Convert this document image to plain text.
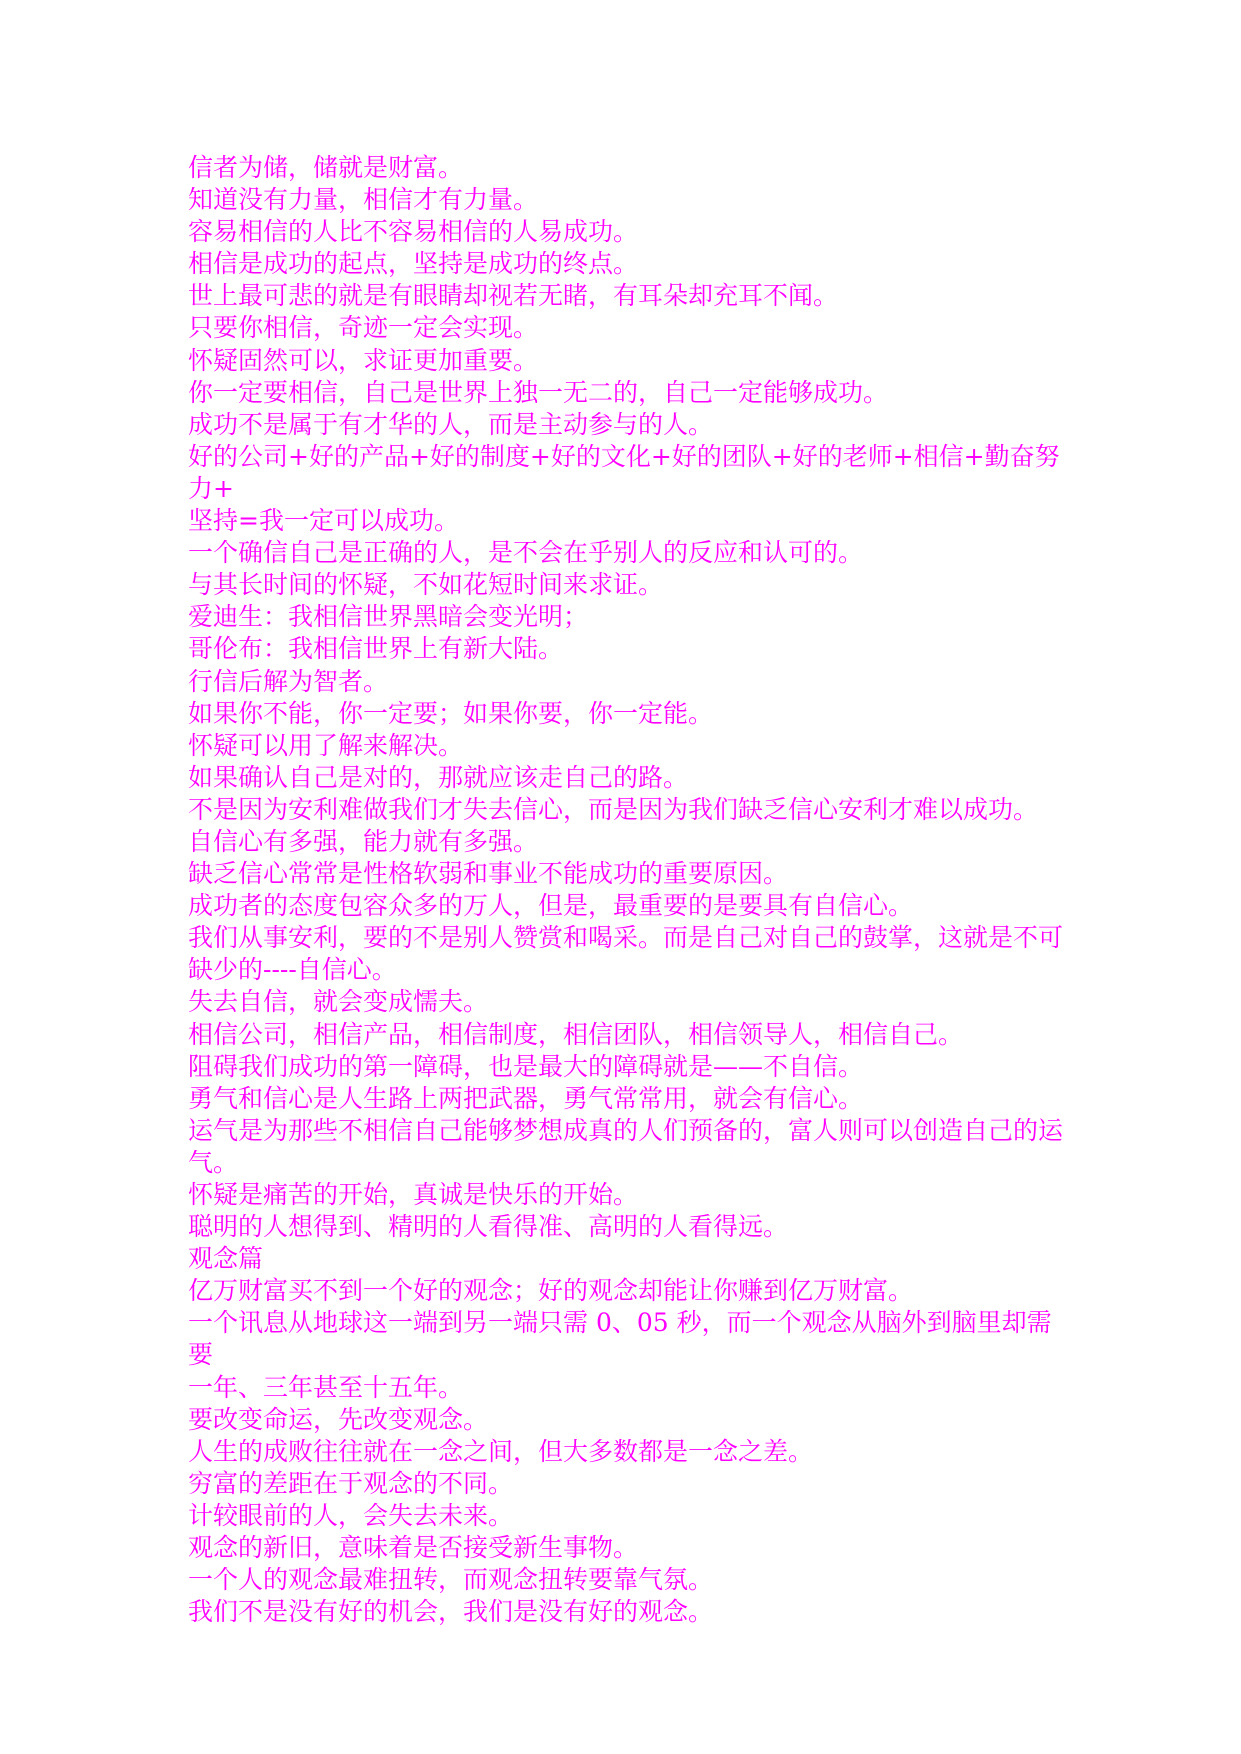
信者为储，储就是财富。

知道没有力量，相信才有力量。

容易相信的人比不容易相信的人易成功。

相信是成功的起点，坚持是成功的终点。

世上最可悲的就是有眼睛却视若无睹，有耳朵却充耳不闻。

只要你相信，奇迹一定会实现。

怀疑固然可以，求证更加重要。

你一定要相信，自己是世界上独一无二的，自己一定能够成功。

成功不是属于有才华的人，而是主动参与的人。

好的公司+好的产品+好的制度+好的文化+好的团队+好的老师+相信+勤奋努力+

坚持=我一定可以成功。

一个确信自己是正确的人，是不会在乎别人的反应和认可的。

与其长时间的怀疑，不如花短时间来求证。

爱迪生：我相信世界黑暗会变光明；

哥伦布：我相信世界上有新大陆。

行信后解为智者。

如果你不能，你一定要；如果你要，你一定能。

怀疑可以用了解来解决。

如果确认自己是对的，那就应该走自己的路。

不是因为安利难做我们才失去信心，而是因为我们缺乏信心安利才难以成功。

自信心有多强，能力就有多强。

缺乏信心常常是性格软弱和事业不能成功的重要原因。

成功者的态度包容众多的万人，但是，最重要的是要具有自信心。

我们从事安利，要的不是别人赞赏和喝采。而是自己对自己的鼓掌，这就是不可

缺少的----自信心。

失去自信，就会变成懦夫。

相信公司，相信产品，相信制度，相信团队，相信领导人，相信自己。

阻碍我们成功的第一障碍，也是最大的障碍就是——不自信。

勇气和信心是人生路上两把武器，勇气常常用，就会有信心。

运气是为那些不相信自己能够梦想成真的人们预备的，富人则可以创造自己的运

气。

怀疑是痛苦的开始，真诚是快乐的开始。

聪明的人想得到、精明的人看得准、高明的人看得远。

观念篇

亿万财富买不到一个好的观念；好的观念却能让你赚到亿万财富。

一个讯息从地球这一端到另一端只需 0、05 秒，而一个观念从脑外到脑里却需要

一年、三年甚至十五年。

要改变命运，先改变观念。

人生的成败往往就在一念之间，但大多数都是一念之差。

穷富的差距在于观念的不同。

计较眼前的人，会失去未来。

观念的新旧，意味着是否接受新生事物。

一个人的观念最难扭转，而观念扭转要靠气氛。

我们不是没有好的机会，我们是没有好的观念。
